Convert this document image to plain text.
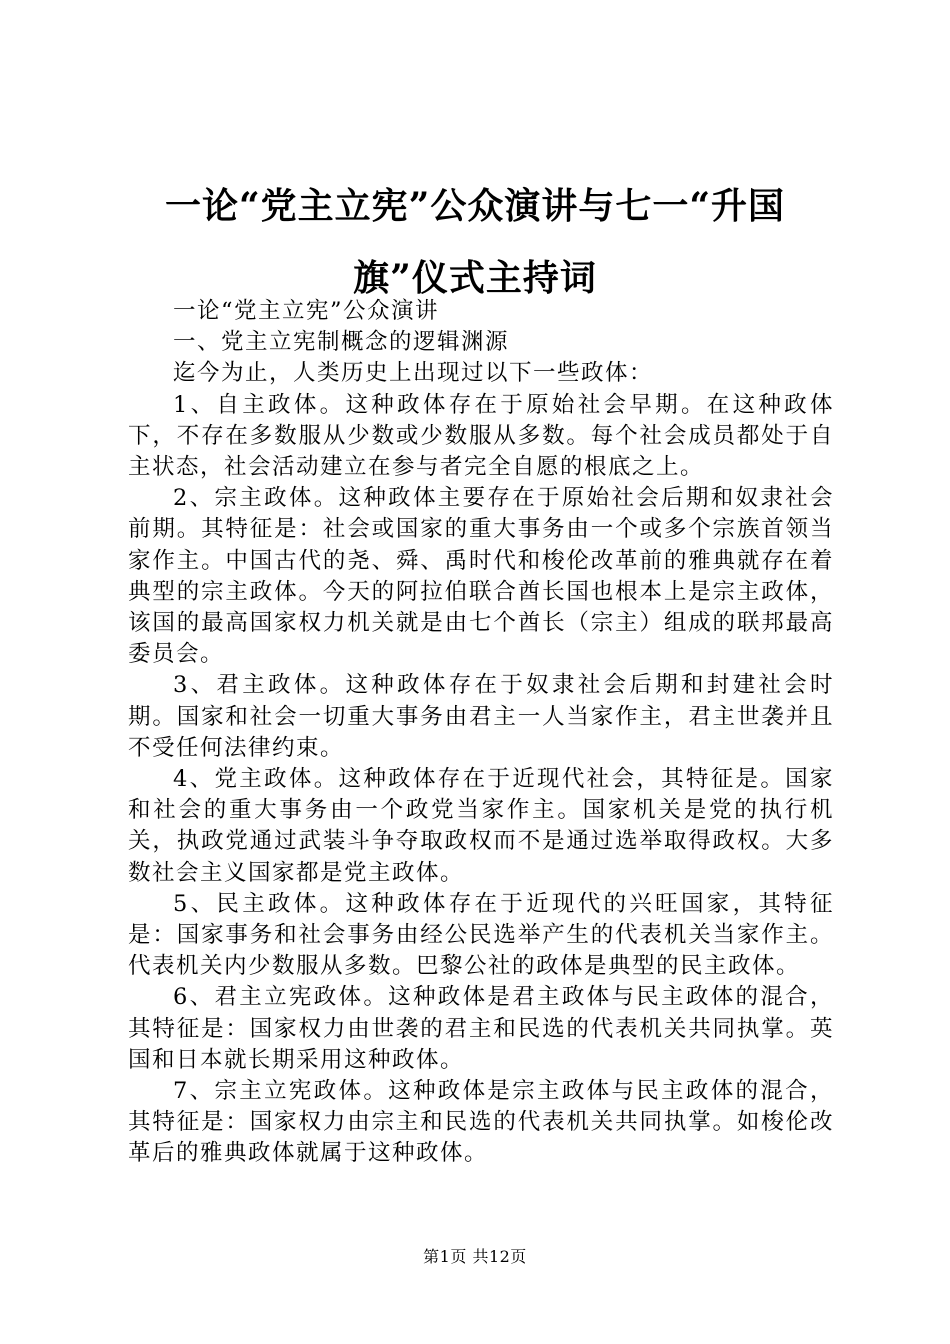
一论“党主立宪”公众演讲与七一“升国旗”仪式主持词

一论“党主立宪”公众演讲

一、党主立宪制概念的逻辑渊源

迄今为止，人类历史上出现过以下一些政体：

1、自主政体。这种政体存在于原始社会早期。在这种政体下，不存在多数服从少数或少数服从多数。每个社会成员都处于自主状态，社会活动建立在参与者完全自愿的根底之上。

2、宗主政体。这种政体主要存在于原始社会后期和奴隶社会前期。其特征是：社会或国家的重大事务由一个或多个宗族首领当家作主。中国古代的尧、舜、禹时代和梭伦改革前的雅典就存在着典型的宗主政体。今天的阿拉伯联合酋长国也根本上是宗主政体，该国的最高国家权力机关就是由七个酋长（宗主）组成的联邦最高委员会。

3、君主政体。这种政体存在于奴隶社会后期和封建社会时期。国家和社会一切重大事务由君主一人当家作主，君主世袭并且不受任何法律约束。

4、党主政体。这种政体存在于近现代社会，其特征是。国家和社会的重大事务由一个政党当家作主。国家机关是党的执行机关，执政党通过武装斗争夺取政权而不是通过选举取得政权。大多数社会主义国家都是党主政体。

5、民主政体。这种政体存在于近现代的兴旺国家，其特征是：国家事务和社会事务由经公民选举产生的代表机关当家作主。代表机关内少数服从多数。巴黎公社的政体是典型的民主政体。

6、君主立宪政体。这种政体是君主政体与民主政体的混合，其特征是：国家权力由世袭的君主和民选的代表机关共同执掌。英国和日本就长期采用这种政体。

7、宗主立宪政体。这种政体是宗主政体与民主政体的混合，其特征是：国家权力由宗主和民选的代表机关共同执掌。如梭伦改革后的雅典政体就属于这种政体。

第1页 共12页
